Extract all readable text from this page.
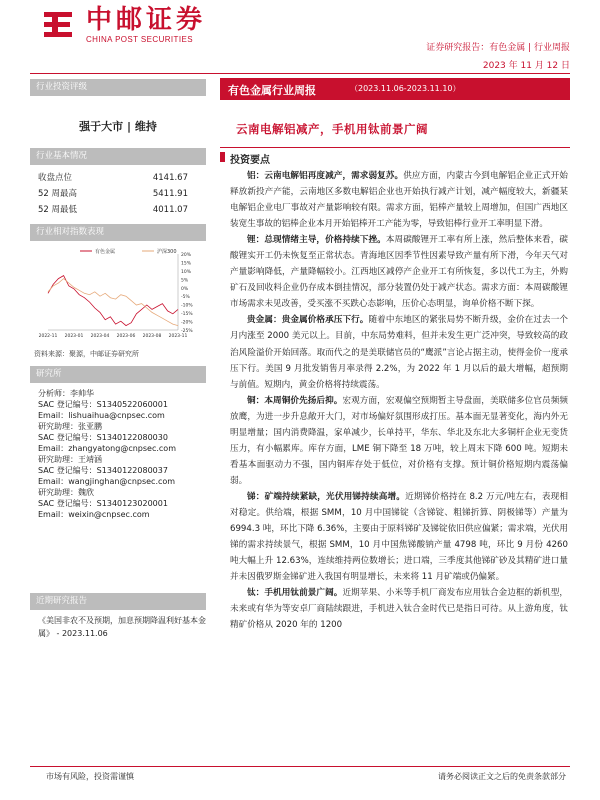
中邮证券
CHINA POST SECURITIES
证券研究报告：有色金属 | 行业周报
2023 年 11 月 12 日
行业投资评级
强于大市 | 维持
行业基本情况
收盘点位	4141.67
52 周最高	5411.91
52 周最低	4011.07
行业相对指数表现
20%
15%
10%
5%
0%
-5%
-10%
-15%
-20%
-25%
2022-11 2023-01 2023-04 2023-06 2023-08 2023-11
有色金属	沪深300
资料来源：聚源，中邮证券研究所
研究所
分析师：李帅华
SAC 登记编号：S1340522060001
Email：lishuaihua@cnpsec.com
研究助理：张亚鹏
SAC 登记编号：S1340122080030
Email：zhangyatong@cnpsec.com
研究助理：王靖涵
SAC 登记编号：S1340122080037
Email：wangjinghan@cnpsec.com
研究助理：魏欣
SAC 登记编号：S1340123020001
Email：weixin@cnpsec.com
近期研究报告
《美国非农不及预期，加息预期降温利好基本金属》 - 2023.11.06
有色金属行业周报	（2023.11.06-2023.11.10）
云南电解铝减产，手机用钛前景广阔
投资要点

铝：云南电解铝再度减产，需求弱复苏。供应方面，内蒙古今到电解铝企业正式开始释放新投产产能，云南地区多数电解铝企业也开始执行减产计划，减产幅度较大，新疆某电解铝企业电厂事故对产量影响较有限。需求方面，铝棒产量较上周增加，但国广西地区装宽生事故的铝棒企业本月开始铝棒开工产能为零，导致铝棒行业开工率明显下滑。

锂：总现情绪主导，价格持续下挫。本周碳酸锂开工率有所上涨，然后整体来看，碳酸锂实开工仍未恢复至正常状态。青海地区因季节性因素导致产量有所下滑，今年天气对产量影响降低，产量降幅较小。江西地区减停产企业开工有所恢复，多以代工为主，外购矿石及回收料企业仍存成本倒挂情况，部分装置仍处于减产状态。需求方面：本周碳酸锂市场需求未见改善，受买涨不买跌心态影响，压价心态明显，询单价格不断下探。

贵金属：贵金属价格承压下行。随着中东地区的紧张局势不断升级，金价在过去一个月内涨至 2000 美元以上。目前，中东局势难料，但并未发生更广泛冲突，导致较高的政治风险溢价开始回落。取而代之的是美联储官员的“鹰派”言论占据主动，使得金价一度承压下行。美国 9 月批发销售月率录得 2.2%，为 2022 年 1 月以后的最大增幅，超预期与前值。短期内，黄金价格将持续震荡。

铜：本周铜价先扬后抑。宏观方面，宏观偏空预期暂主导盘面，美联储多位官员频频放鹰，为进一步升息敞开大门，对市场偏好氛围形成打压。基本面无显著变化，海内外无明显增量；国内消费降温，家单减少，长单持平，华东、华北及东北大多铜杆企业无变货压力，有小幅累库。库存方面，LME 铜下降至 18 万吨，较上周末下降 600 吨。短期未看基本面驱动力不强，国内铜库存处于低位，对价格有支撑。预计铜价格短期内震荡偏弱。

锑：矿端持续紧缺，光伏用锑持续高增。近期锑价格持在 8.2 万元/吨左右，表现相对稳定。供给端，根据 SMM，10 月中国锑锭（含锑锭、粗锑折算、阴极锑等）产量为 6994.3 吨，环比下降 6.36%，主要由于原料锑矿及锑锭依旧供应偏紧；需求端，光伏用锑的需求持续景气，根据 SMM，10 月中国焦锑酸钠产量 4798 吨，环比 9 月份 4260 吨大幅上升 12.63%，连续维持两位数增长；进口端，三季度其他锑矿砂及其精矿进口量并未因俄罗斯金锑矿进入我国有明显增长，未来将 11 月矿端或仍偏紧。

钛：手机用钛前景广阔。近期苹果、小米等手机厂商发布应用钛合金边框的新机型，未来或有华为等安卓厂商陆续跟进，手机进入钛合金时代已是指日可待。从上游角度，钛精矿价格从 2020 年的 1200

市场有风险，投资需谨慎	请务必阅读正文之后的免责条款部分
